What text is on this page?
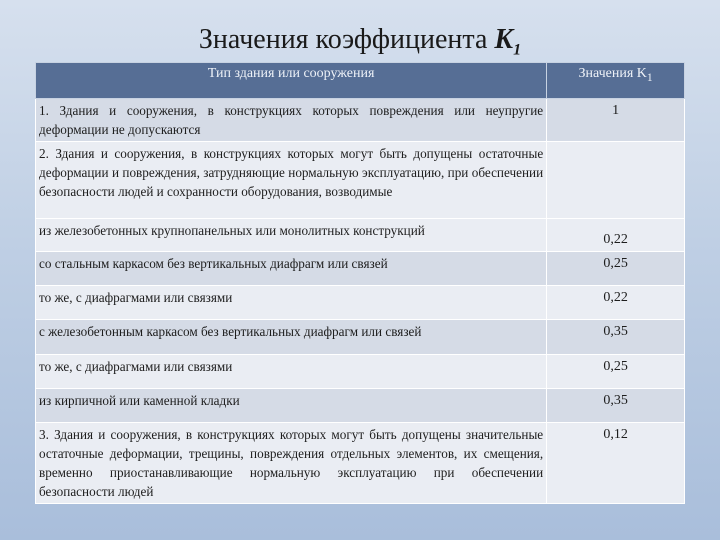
Значения коэффициента $K_1$
Тип здания или сооружения	Значения $K_1$
1. Здания и сооружения, в конструкциях которых повреждения или неупругие деформации не допускаются	1
2. Здания и сооружения, в конструкциях которых могут быть допущены остаточные деформации и повреждения, затрудняющие нормальную эксплуатацию, при обеспечении безопасности людей и сохранности оборудования, возводимые	
из железобетонных крупнопанельных или монолитных конструкций	0,22
со стальным каркасом без вертикальных диафрагм или связей	0,25
то же, с диафрагмами или связями	0,22
с железобетонным каркасом без вертикальных диафрагм или связей	0,35
то же, с диафрагмами или связями	0,25
из кирпичной или каменной кладки	0,35
3. Здания и сооружения, в конструкциях которых могут быть допущены значительные остаточные деформации, трещины, повреждения отдельных элементов, их смещения, временно приостанавливающие нормальную эксплуатацию при обеспечении безопасности людей	0,12
